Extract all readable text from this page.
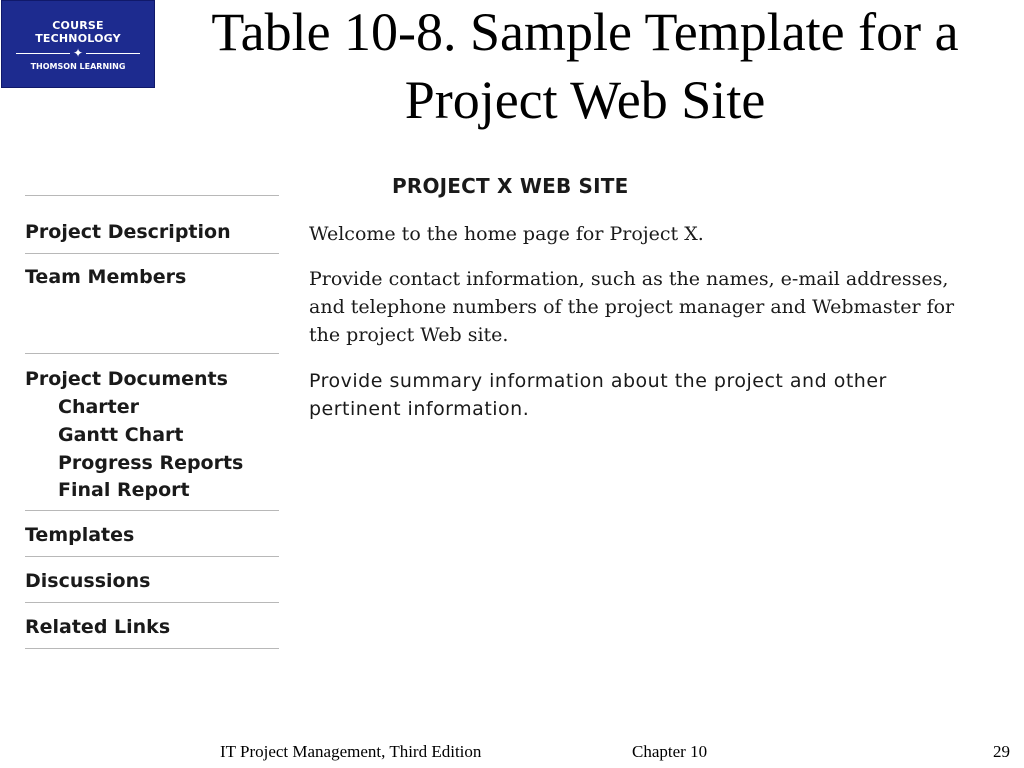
COURSE
TECHNOLOGY
✦
THOMSON LEARNING
Table 10-8. Sample Template for a
Project Web Site
PROJECT X WEB SITE
Project Description
Team Members
Project Documents
Charter
Gantt Chart
Progress Reports
Final Report
Templates
Discussions
Related Links
Welcome to the home page for Project X.
Provide contact information, such as the names, e-mail addresses,
and telephone numbers of the project manager and Webmaster for
the project Web site.
Provide summary information about the project and other
pertinent information.
IT Project Management, Third Edition	Chapter 10	29
